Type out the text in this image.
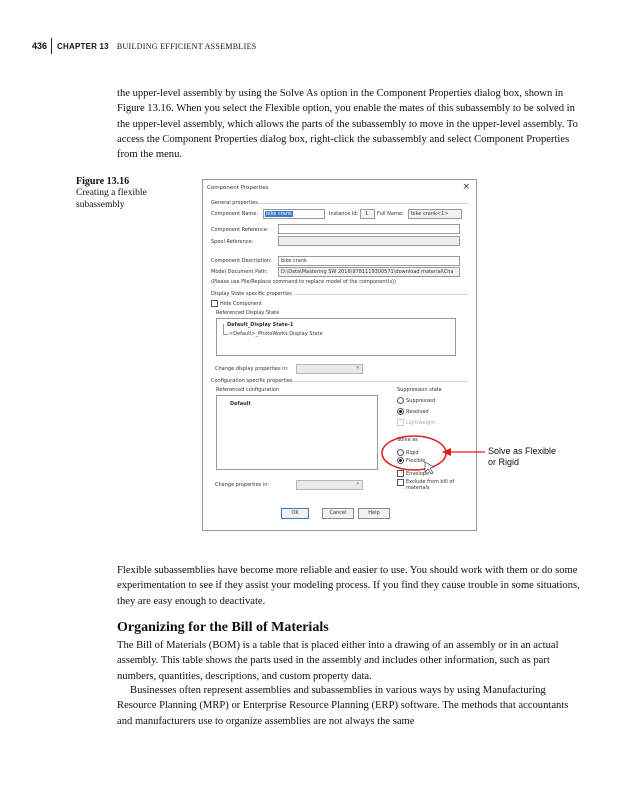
436 CHAPTER 13 BUILDING EFFICIENT ASSEMBLIES

the upper-level assembly by using the Solve As option in the Component Properties dialog box, shown in Figure 13.16. When you select the Flexible option, you enable the mates of this subassembly to be solved in the upper-level assembly, which allows the parts of the subassembly to move in the upper-level assembly. To access the Component Properties dialog box, right-click the subassembly and select Component Properties from the menu.

Figure 13.16
Creating a flexible subassembly
Component Properties	×
General properties
Component Name: bike crank	Instance Id: 1 Full Name: bike crank<1>
Component Reference:
Spool Reference:
Component Description: bike crank
Model Document Path:	D:\Data\Mastering SW 2016\9781119300571\download material\Cha
(Please use File/Replace command to replace model of the component(s))
Display State specific properties
Hide Component
Referenced Display State
Default_Display State-1
<Default>_PhotoWorks Display State
Change display properties in:	▾
Configuration specific properties
Referenced configuration
Default
Suppression state
Suppressed
Resolved
Lightweight
Solve as
Rigid
Flexible
Envelope
Exclude from bill of materials
Change properties in:	▾
OK	Cancel	Help
Solve as Flexible
or Rigid

Flexible subassemblies have become more reliable and easier to use. You should work with them or do some experimentation to see if they assist your modeling process. If you find they cause trouble in some situations, they are easy enough to deactivate.

Organizing for the Bill of Materials

The Bill of Materials (BOM) is a table that is placed either into a drawing of an assembly or in an actual assembly. This table shows the parts used in the assembly and includes other information, such as part numbers, quantities, descriptions, and custom property data.

Businesses often represent assemblies and subassemblies in various ways by using Manufacturing Resource Planning (MRP) or Enterprise Resource Planning (ERP) software. The methods that accountants and manufacturers use to organize assemblies are not always the same
